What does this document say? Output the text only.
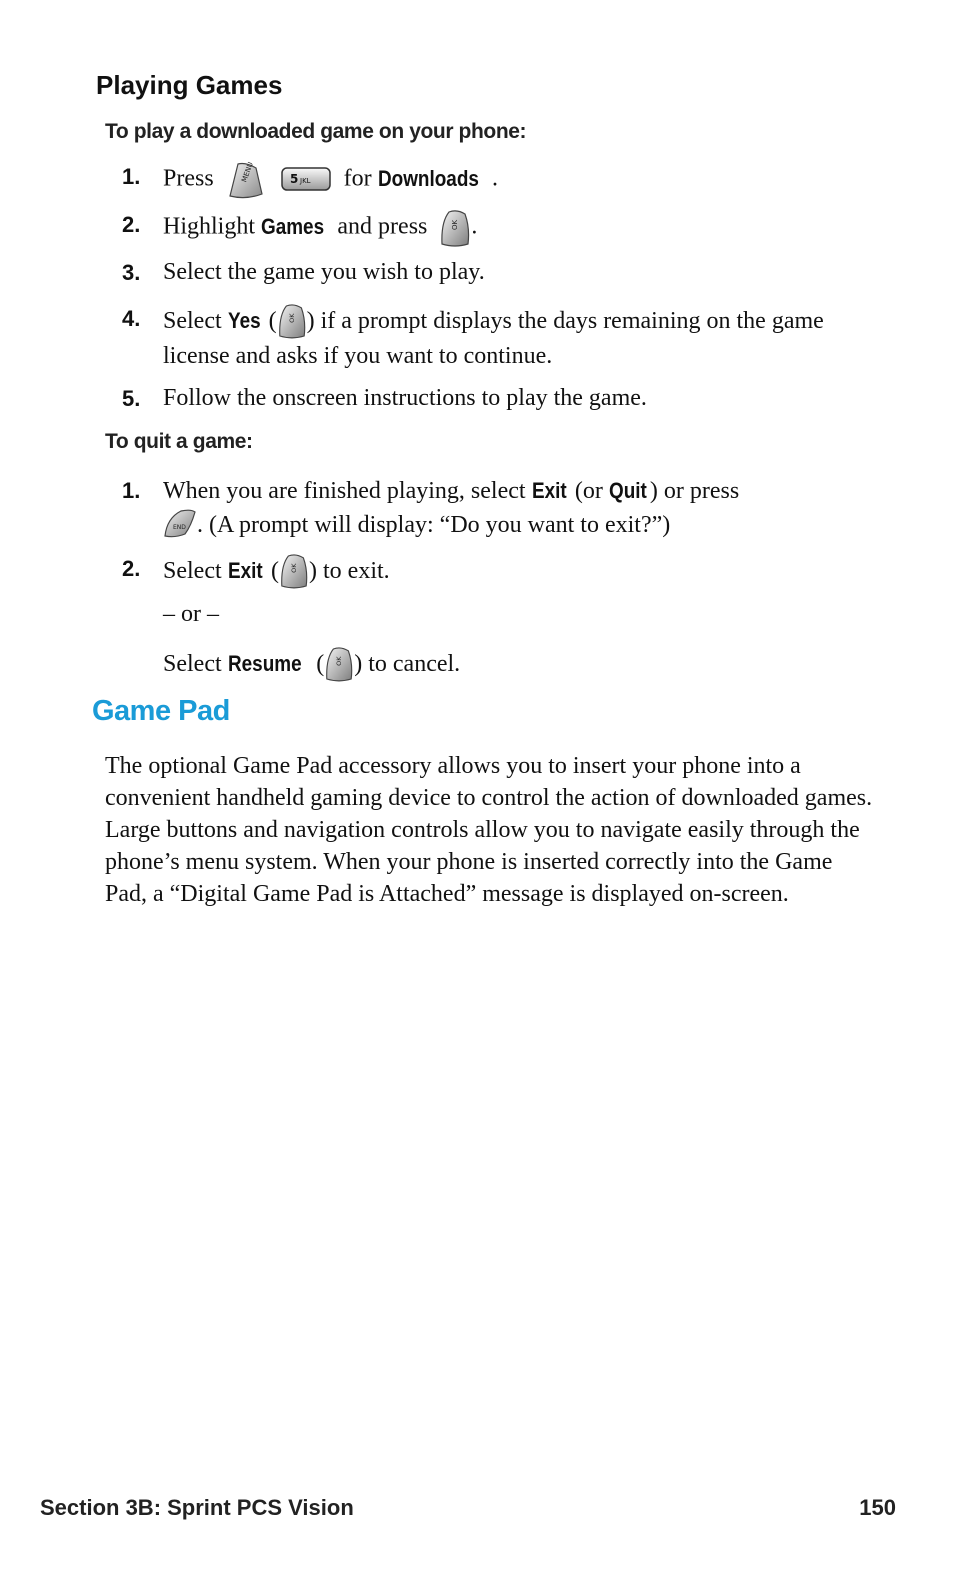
Playing Games
To play a downloaded game on your phone:
1. Press	MENU
	5 JKL for Downloads .
2. Highlight Games and press	OK .
3. Select the game you wish to play.
4. Select Yes ( OK ) if a prompt displays the days remaining on the game license and asks if you want to continue.
5. Follow the onscreen instructions to play the game.
To quit a game:
1. When you are finished playing, select Exit (or Quit ) or press

END . (A prompt will display: “Do you want to exit?”)
2. Select Exit ( OK ) to exit.
– or –
Select Resume ( OK ) to cancel.
Game Pad
The optional Game Pad accessory allows you to insert your phone into a convenient handheld gaming device to control the action of downloaded games. Large buttons and navigation controls allow you to navigate easily through the phone’s menu system. When your phone is inserted correctly into the Game Pad, a “Digital Game Pad is Attached” message is displayed on-screen.
Section 3B: Sprint PCS Vision	150
